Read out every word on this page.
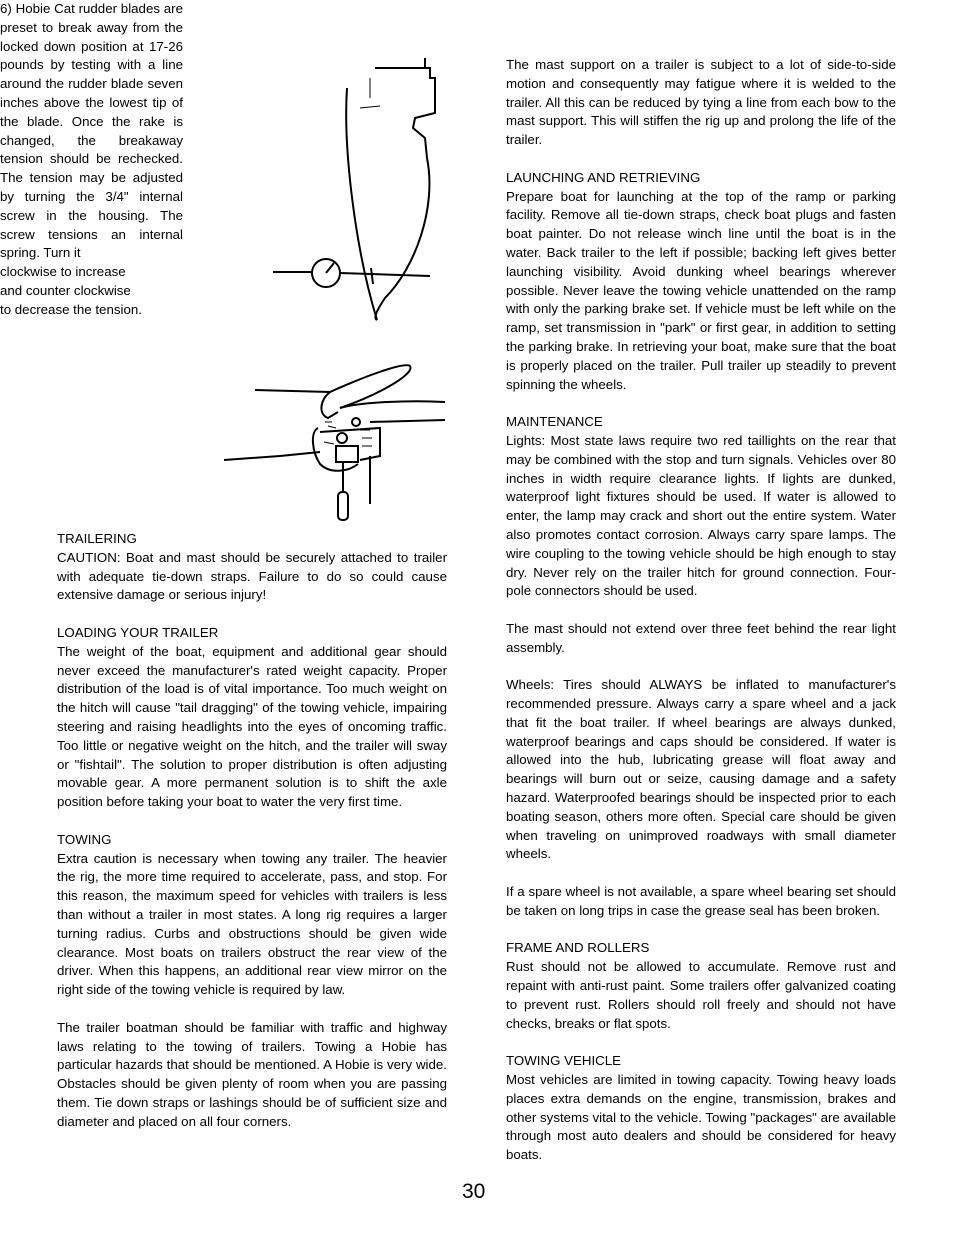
6) Hobie Cat rudder blades are preset to break away from the locked down position at 17-26 pounds by testing with a line around the rudder blade seven inches above the lowest tip of the blade. Once the rake is changed, the breakaway tension should be rechecked. The tension may be adjusted by turning the 3/4" internal screw in the housing. The screw tensions an internal spring. Turn it

clockwise to increase
and counter clockwise
to decrease the tension.
TRAILERING

CAUTION: Boat and mast should be securely attached to trailer with adequate tie-down straps. Failure to do so could cause extensive damage or serious injury!

LOADING YOUR TRAILER

The weight of the boat, equipment and additional gear should never exceed the manufacturer's rated weight capacity. Proper distribution of the load is of vital importance. Too much weight on the hitch will cause "tail dragging" of the towing vehicle, impairing steering and raising headlights into the eyes of oncoming traffic. Too little or negative weight on the hitch, and the trailer will sway or "fishtail". The solution to proper distribution is often adjusting movable gear. A more permanent solution is to shift the axle position before taking your boat to water the very first time.

TOWING

Extra caution is necessary when towing any trailer. The heavier the rig, the more time required to accelerate, pass, and stop. For this reason, the maximum speed for vehicles with trailers is less than without a trailer in most states. A long rig requires a larger turning radius. Curbs and obstructions should be given wide clearance. Most boats on trailers obstruct the rear view of the driver. When this happens, an additional rear view mirror on the right side of the towing vehicle is required by law.

The trailer boatman should be familiar with traffic and highway laws relating to the towing of trailers. Towing a Hobie has particular hazards that should be mentioned. A Hobie is very wide. Obstacles should be given plenty of room when you are passing them. Tie down straps or lashings should be of sufficient size and diameter and placed on all four corners.

The mast support on a trailer is subject to a lot of side-to-side motion and consequently may fatigue where it is welded to the trailer. All this can be reduced by tying a line from each bow to the mast support. This will stiffen the rig up and prolong the life of the trailer.

LAUNCHING AND RETRIEVING

Prepare boat for launching at the top of the ramp or parking facility. Remove all tie-down straps, check boat plugs and fasten boat painter. Do not release winch line until the boat is in the water. Back trailer to the left if possible; backing left gives better launching visibility. Avoid dunking wheel bearings wherever possible. Never leave the towing vehicle unattended on the ramp with only the parking brake set. If vehicle must be left while on the ramp, set transmission in "park" or first gear, in addition to setting the parking brake. In retrieving your boat, make sure that the boat is properly placed on the trailer. Pull trailer up steadily to prevent spinning the wheels.

MAINTENANCE

Lights: Most state laws require two red taillights on the rear that may be combined with the stop and turn signals. Vehicles over 80 inches in width require clearance lights. If lights are dunked, waterproof light fixtures should be used. If water is allowed to enter, the lamp may crack and short out the entire system. Water also promotes contact corrosion. Always carry spare lamps. The wire coupling to the towing vehicle should be high enough to stay dry. Never rely on the trailer hitch for ground connection. Four-pole connectors should be used.

The mast should not extend over three feet behind the rear light assembly.

Wheels: Tires should ALWAYS be inflated to manufacturer's recommended pressure. Always carry a spare wheel and a jack that fit the boat trailer. If wheel bearings are always dunked, waterproof bearings and caps should be considered. If water is allowed into the hub, lubricating grease will float away and bearings will burn out or seize, causing damage and a safety hazard. Waterproofed bearings should be inspected prior to each boating season, others more often. Special care should be given when traveling on unimproved roadways with small diameter wheels.

If a spare wheel is not available, a spare wheel bearing set should be taken on long trips in case the grease seal has been broken.

FRAME AND ROLLERS

Rust should not be allowed to accumulate. Remove rust and repaint with anti-rust paint. Some trailers offer galvanized coating to prevent rust. Rollers should roll freely and should not have checks, breaks or flat spots.

TOWING VEHICLE

Most vehicles are limited in towing capacity. Towing heavy loads places extra demands on the engine, transmission, brakes and other systems vital to the vehicle. Towing "packages" are available through most auto dealers and should be considered for heavy boats.

30
